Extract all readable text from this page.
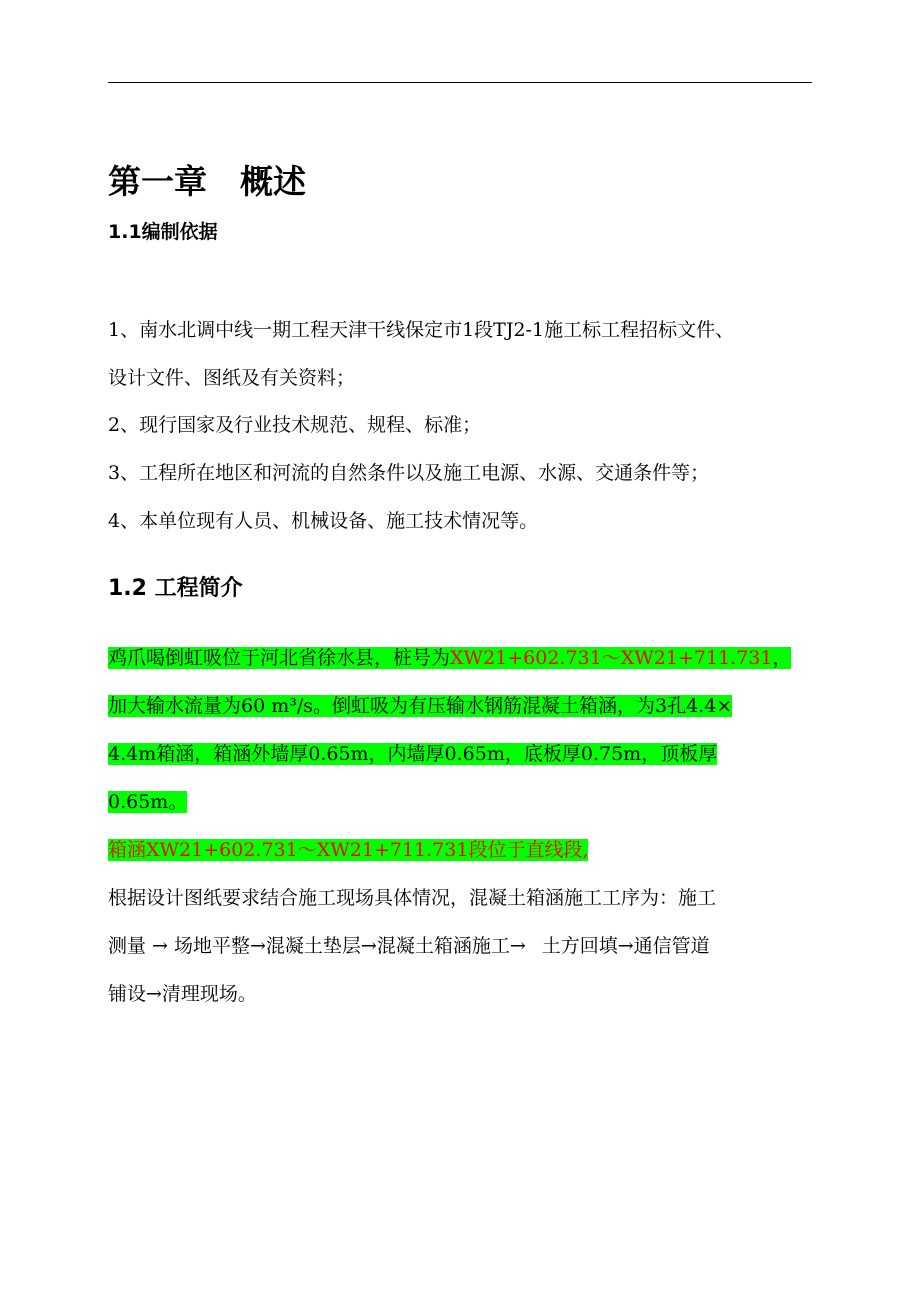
第一章　概述
1.1编制依据

1、南水北调中线一期工程天津干线保定市1段TJ2-1施工标工程招标文件、

设计文件、图纸及有关资料；

2、现行国家及行业技术规范、规程、标准；

3、工程所在地区和河流的自然条件以及施工电源、水源、交通条件等；

4、本单位现有人员、机械设备、施工技术情况等。

1.2 工程简介

鸡爪喝倒虹吸位于河北省徐水县，桩号为XW21+602.731～XW21+711.731，

加大输水流量为60 m³/s。倒虹吸为有压输水钢筋混凝土箱涵，为3孔4.4×

4.4m箱涵，箱涵外墙厚0.65m，内墙厚0.65m，底板厚0.75m，顶板厚

0.65m。

箱涵XW21+602.731～XW21+711.731段位于直线段,

根据设计图纸要求结合施工现场具体情况，混凝土箱涵施工工序为：施工

测量 → 场地平整→混凝土垫层→混凝土箱涵施工→ 土方回填→通信管道

铺设→清理现场。
